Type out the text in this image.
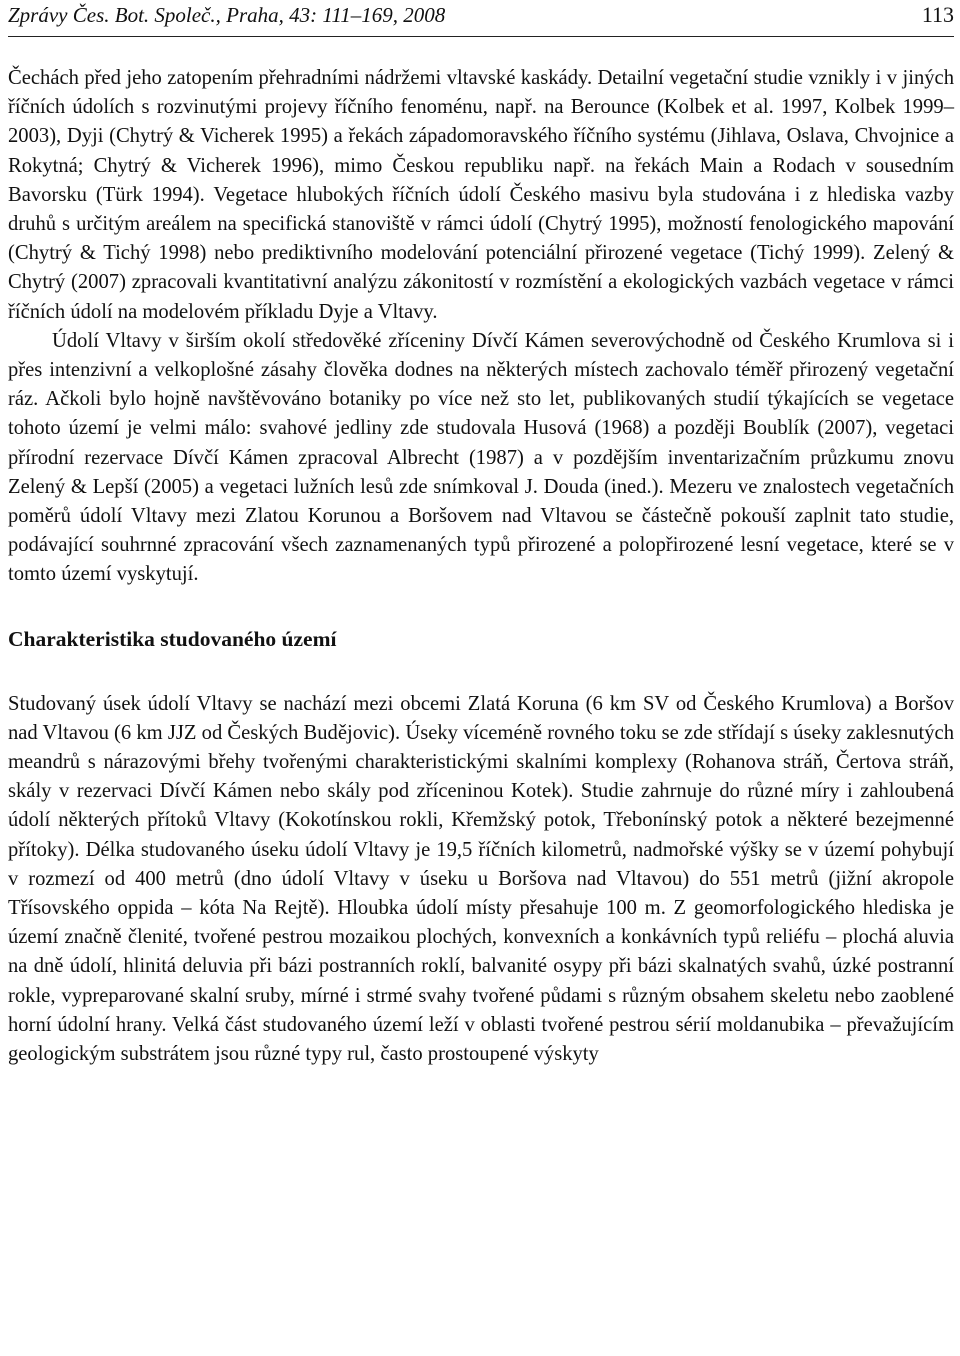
Zprávy Čes. Bot. Společ., Praha, 43: 111–169, 2008	113

Čechách před jeho zatopením přehradními nádržemi vltavské kaskády. Detailní vegetační studie vznikly i v jiných říčních údolích s rozvinutými projevy říčního fenoménu, např. na Berounce (Kolbek et al. 1997, Kolbek 1999–2003), Dyji (Chytrý & Vicherek 1995) a řekách západomoravského říčního systému (Jihlava, Oslava, Chvojnice a Rokytná; Chytrý & Vicherek 1996), mimo Českou republiku např. na řekách Main a Rodach v sousedním Bavorsku (Türk 1994). Vegetace hlubokých říčních údolí Českého masivu byla studována i z hlediska vazby druhů s určitým areálem na specifická stanoviště v rámci údolí (Chytrý 1995), možností fenologického mapování (Chytrý & Tichý 1998) nebo prediktivního modelování potenciální přirozené vegetace (Tichý 1999). Zelený & Chytrý (2007) zpracovali kvantitativní analýzu zákonitostí v rozmístění a ekologických vazbách vegetace v rámci říčních údolí na modelovém příkladu Dyje a Vltavy.

Údolí Vltavy v širším okolí středověké zříceniny Dívčí Kámen severovýchodně od Českého Krumlova si i přes intenzivní a velkoplošné zásahy člověka dodnes na některých místech zachovalo téměř přirozený vegetační ráz. Ačkoli bylo hojně navštěvováno botaniky po více než sto let, publikovaných studií týkajících se vegetace tohoto území je velmi málo: svahové jedliny zde studovala Husová (1968) a později Boublík (2007), vegetaci přírodní rezervace Dívčí Kámen zpracoval Albrecht (1987) a v pozdějším inventarizačním průzkumu znovu Zelený & Lepší (2005) a vegetaci lužních lesů zde snímkoval J. Douda (ined.). Mezeru ve znalostech vegetačních poměrů údolí Vltavy mezi Zlatou Korunou a Boršovem nad Vltavou se částečně pokouší zaplnit tato studie, podávající souhrnné zpracování všech zaznamenaných typů přirozené a polopřirozené lesní vegetace, které se v tomto území vyskytují.

Charakteristika studovaného území

Studovaný úsek údolí Vltavy se nachází mezi obcemi Zlatá Koruna (6 km SV od Českého Krumlova) a Boršov nad Vltavou (6 km JJZ od Českých Budějovic). Úseky víceméně rovného toku se zde střídají s úseky zaklesnutých meandrů s nárazovými břehy tvořenými charakteristickými skalními komplexy (Rohanova stráň, Čertova stráň, skály v rezervaci Dívčí Kámen nebo skály pod zříceninou Kotek). Studie zahrnuje do různé míry i zahloubená údolí některých přítoků Vltavy (Kokotínskou rokli, Křemžský potok, Třebonínský potok a některé bezejmenné přítoky). Délka studovaného úseku údolí Vltavy je 19,5 říčních kilometrů, nadmořské výšky se v území pohybují v rozmezí od 400 metrů (dno údolí Vltavy v úseku u Boršova nad Vltavou) do 551 metrů (jižní akropole Třísovského oppida – kóta Na Rejtě). Hloubka údolí místy přesahuje 100 m. Z geomorfologického hlediska je území značně členité, tvořené pestrou mozaikou plochých, konvexních a konkávních typů reliéfu – plochá aluvia na dně údolí, hlinitá deluvia při bázi postranních roklí, balvanité osypy při bázi skalnatých svahů, úzké postranní rokle, vypreparované skalní sruby, mírné i strmé svahy tvořené půdami s různým obsahem skeletu nebo zaoblené horní údolní hrany. Velká část studovaného území leží v oblasti tvořené pestrou sérií moldanubika – převažujícím geologickým substrátem jsou různé typy rul, často prostoupené výskyty
